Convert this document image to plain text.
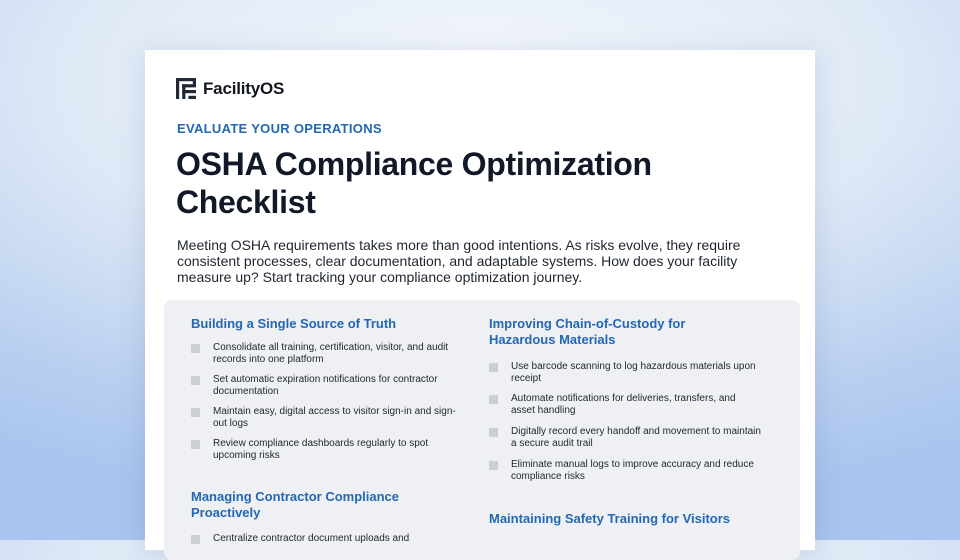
FacilityOS
EVALUATE YOUR OPERATIONS
OSHA Compliance Optimization Checklist

Meeting OSHA requirements takes more than good intentions. As risks evolve, they require consistent processes, clear documentation, and adaptable systems. How does your facility measure up? Start tracking your compliance optimization journey.

Building a Single Source of Truth
Consolidate all training, certification, visitor, and audit records into one platform
Set automatic expiration notifications for contractor documentation
Maintain easy, digital access to visitor sign-in and sign-out logs
Review compliance dashboards regularly to spot upcoming risks
Managing Contractor Compliance Proactively
Centralize contractor document uploads and
Improving Chain-of-Custody for Hazardous Materials
Use barcode scanning to log hazardous materials upon receipt
Automate notifications for deliveries, transfers, and asset handling
Digitally record every handoff and movement to maintain a secure audit trail
Eliminate manual logs to improve accuracy and reduce compliance risks
Maintaining Safety Training for Visitors
